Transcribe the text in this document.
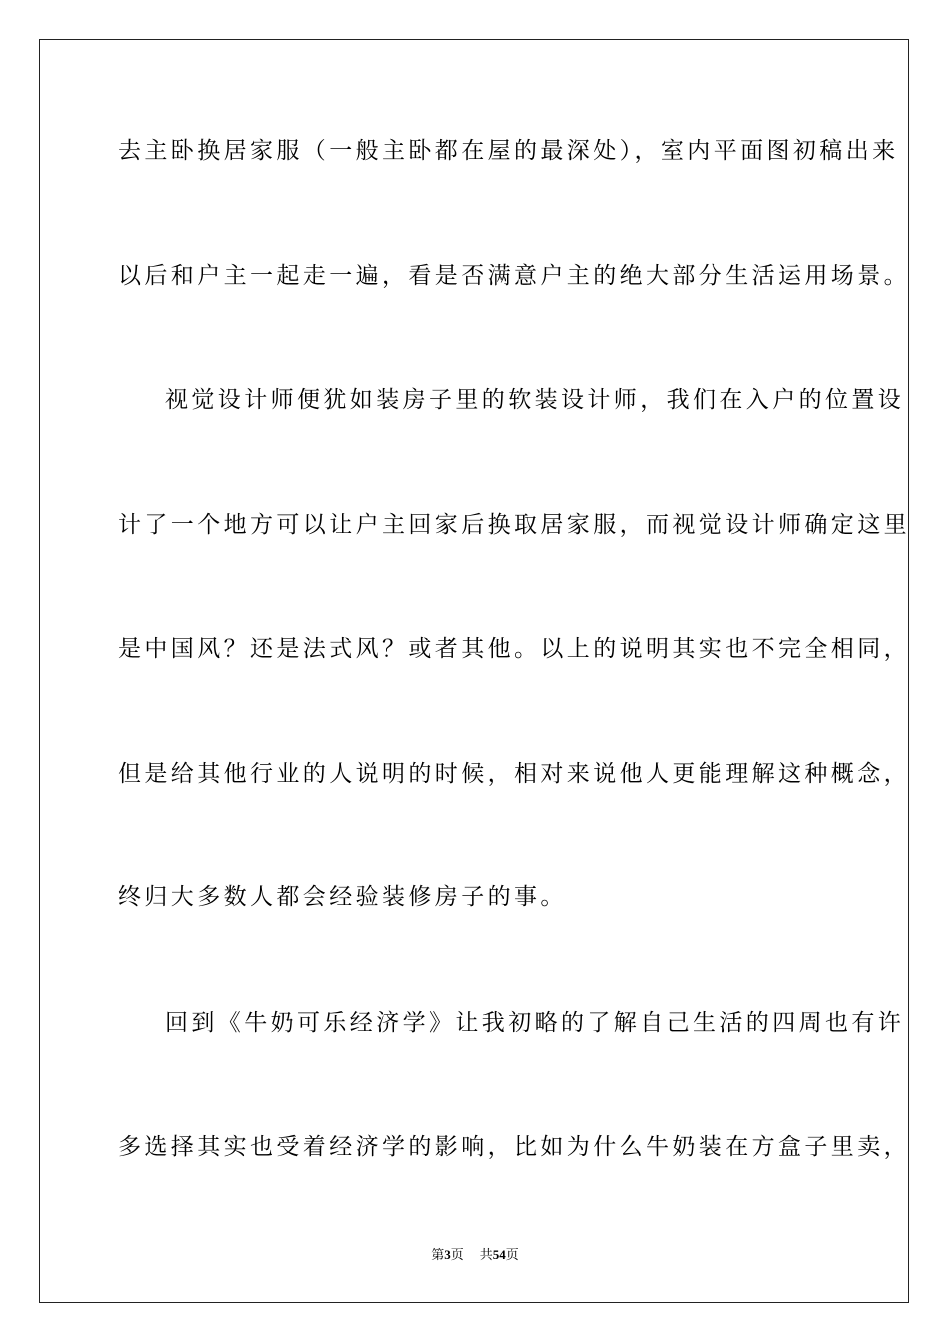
去主卧换居家服（一般主卧都在屋的最深处），室内平面图初稿出来
以后和户主一起走一遍，看是否满意户主的绝大部分生活运用场景。
视觉设计师便犹如装房子里的软装设计师，我们在入户的位置设
计了一个地方可以让户主回家后换取居家服，而视觉设计师确定这里
是中国风？还是法式风？或者其他。以上的说明其实也不完全相同，
但是给其他行业的人说明的时候，相对来说他人更能理解这种概念，
终归大多数人都会经验装修房子的事。
回到《牛奶可乐经济学》让我初略的了解自己生活的四周也有许
多选择其实也受着经济学的影响，比如为什么牛奶装在方盒子里卖，
第3页 共54页
